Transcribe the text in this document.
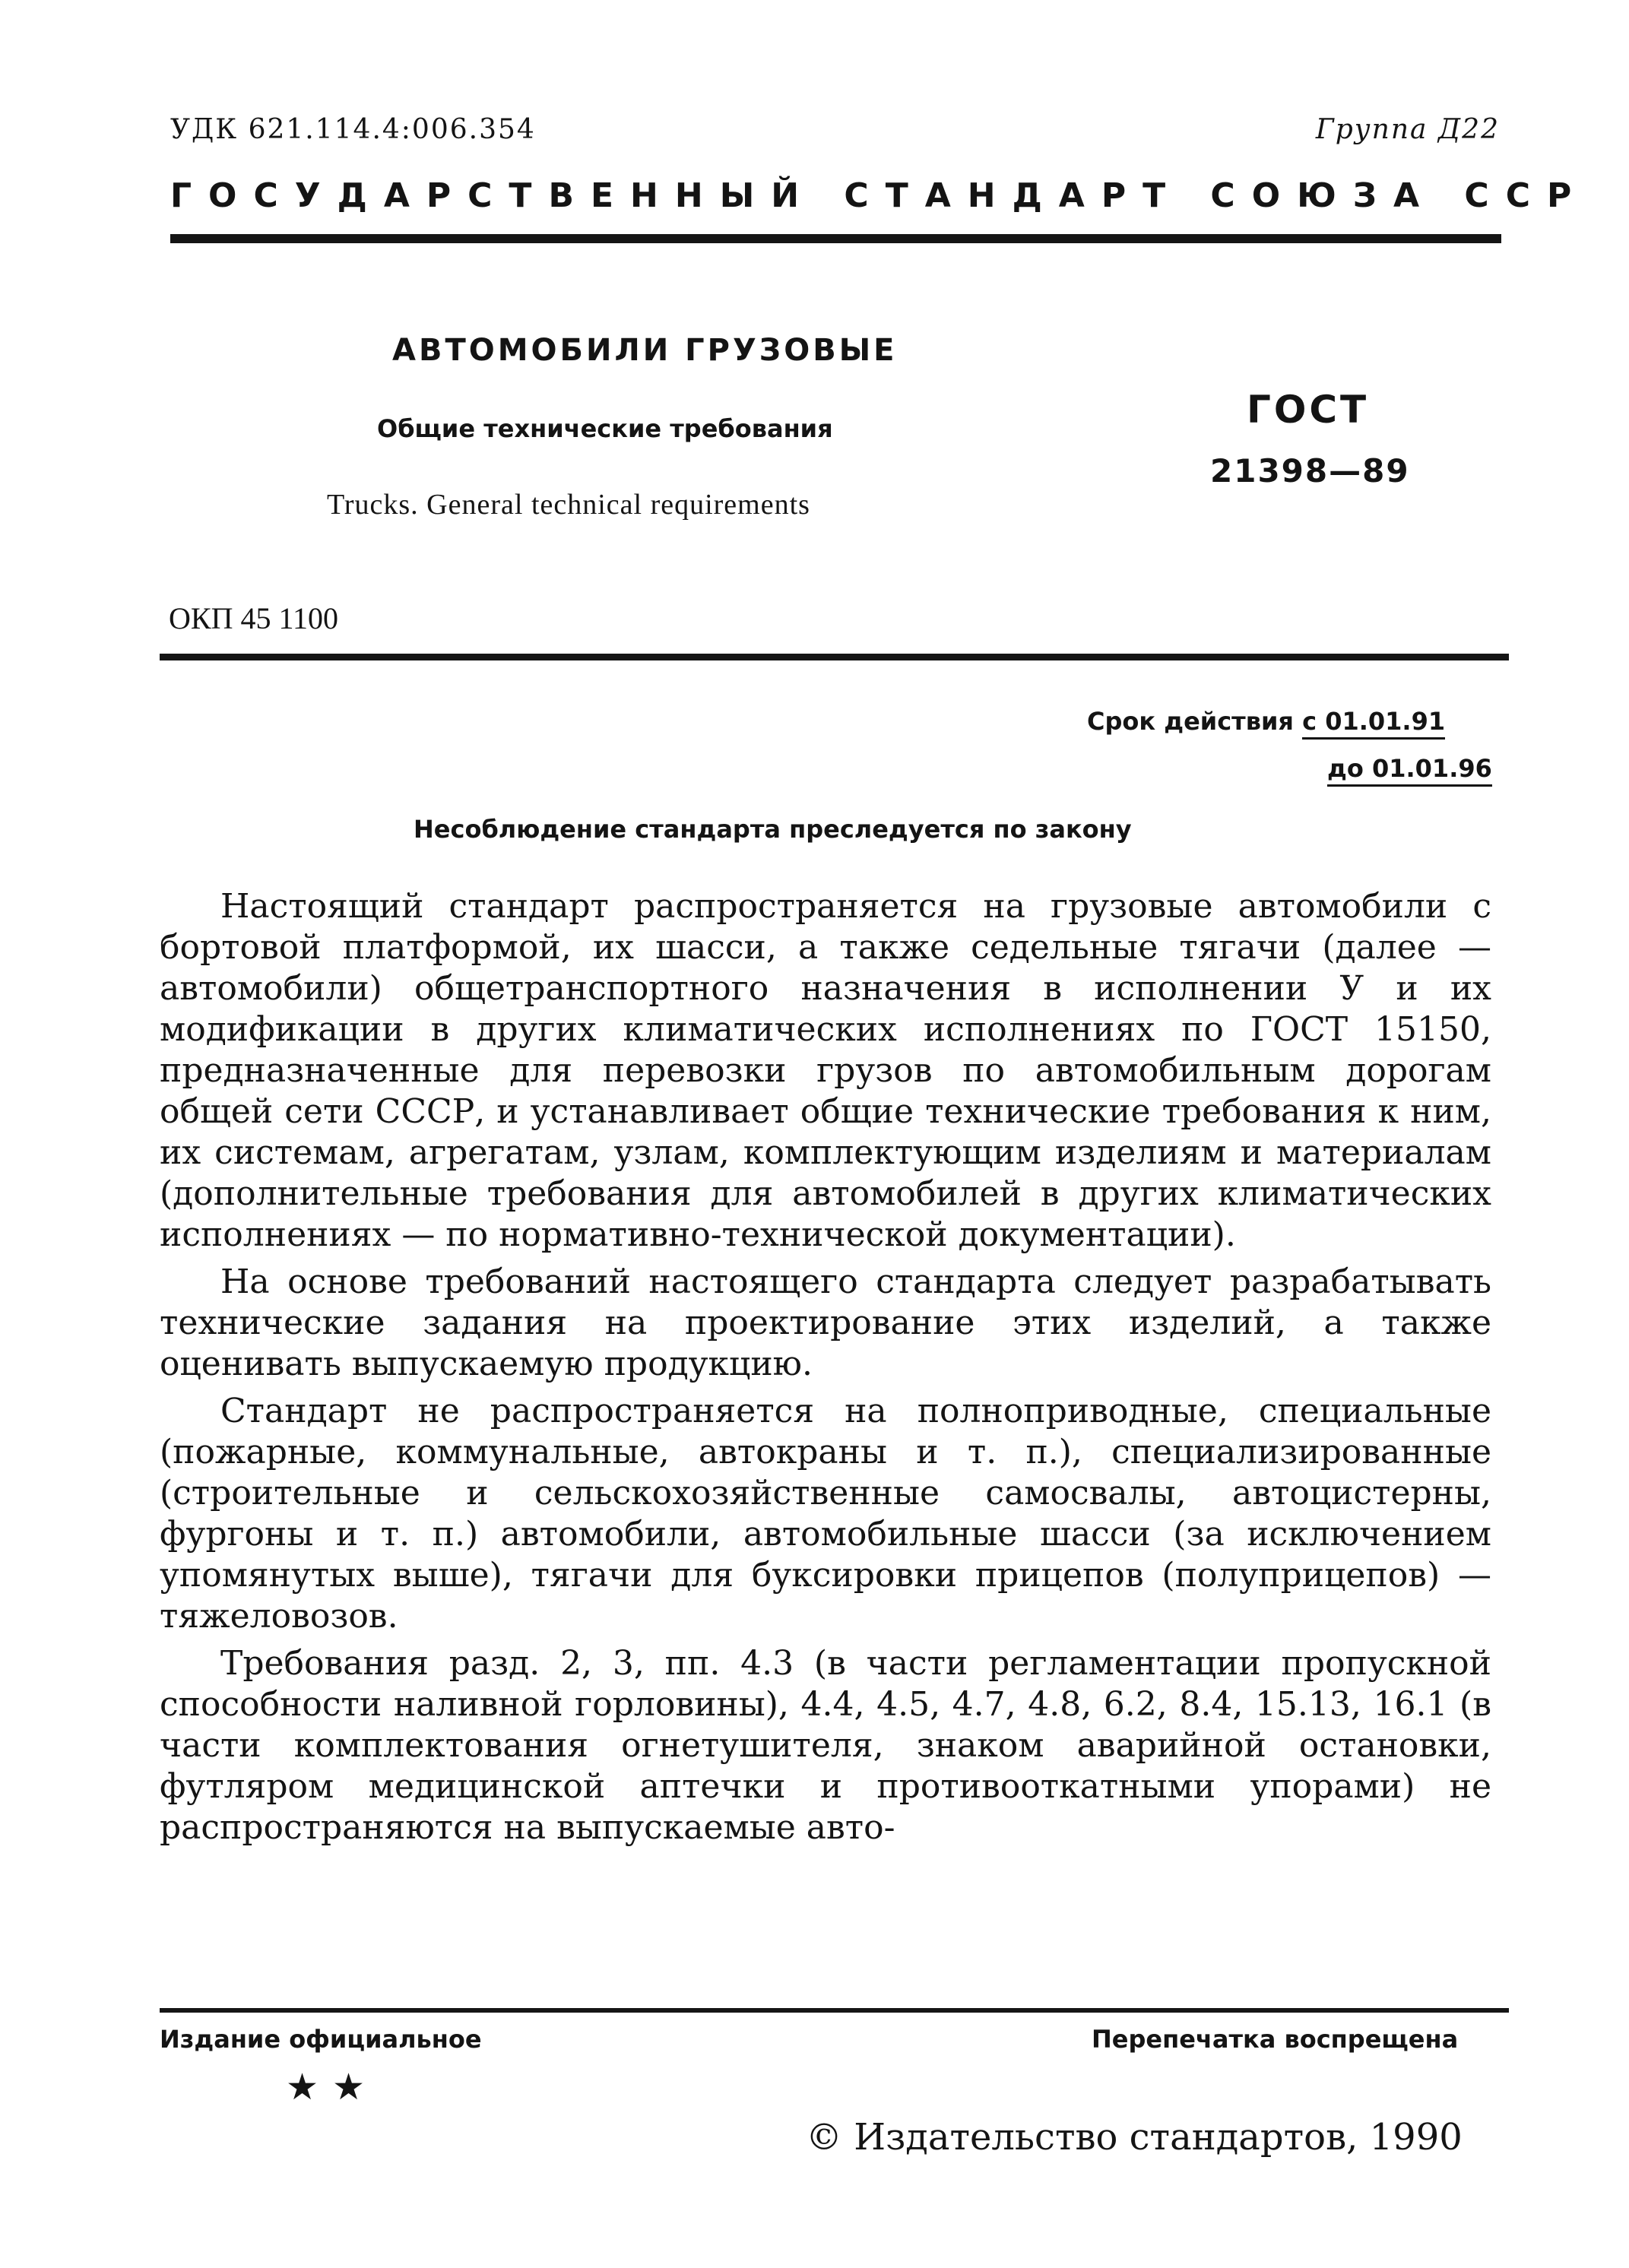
УДК 621.114.4:006.354	Группа Д22
ГОСУДАРСТВЕННЫЙ СТАНДАРТ СОЮЗА ССР
АВТОМОБИЛИ ГРУЗОВЫЕ
Общие технические требования
Trucks. General technical requirements
ГОСТ
21398—89
ОКП 45 1100
Срок действия с 01.01.91
до 01.01.96
Несоблюдение стандарта преследуется по закону

Настоящий стандарт распространяется на грузовые автомобили с бортовой платформой, их шасси, а также седельные тягачи (далее — автомобили) общетранспортного назначения в исполнении У и их модификации в других климатических исполнениях по ГОСТ 15150, предназначенные для перевозки грузов по автомобильным дорогам общей сети СССР, и устанавливает общие технические требования к ним, их системам, агрегатам, узлам, комплектующим изделиям и материалам (дополнительные требования для автомобилей в других климатических исполнениях — по нормативно-технической документации).

На основе требований настоящего стандарта следует разрабатывать технические задания на проектирование этих изделий, а также оценивать выпускаемую продукцию.

Стандарт не распространяется на полноприводные, специальные (пожарные, коммунальные, автокраны и т. п.), специализированные (строительные и сельскохозяйственные самосвалы, автоцистерны, фургоны и т. п.) автомобили, автомобильные шасси (за исключением упомянутых выше), тягачи для буксировки прицепов (полуприцепов) — тяжеловозов.

Требования разд. 2, 3, пп. 4.3 (в части регламентации пропускной способности наливной горловины), 4.4, 4.5, 4.7, 4.8, 6.2, 8.4, 15.13, 16.1 (в части комплектования огнетушителя, знаком аварийной остановки, футляром медицинской аптечки и противооткатными упорами) не распространяются на выпускаемые авто-

Издание официальное	Перепечатка воспрещена
★★
© Издательство стандартов, 1990
